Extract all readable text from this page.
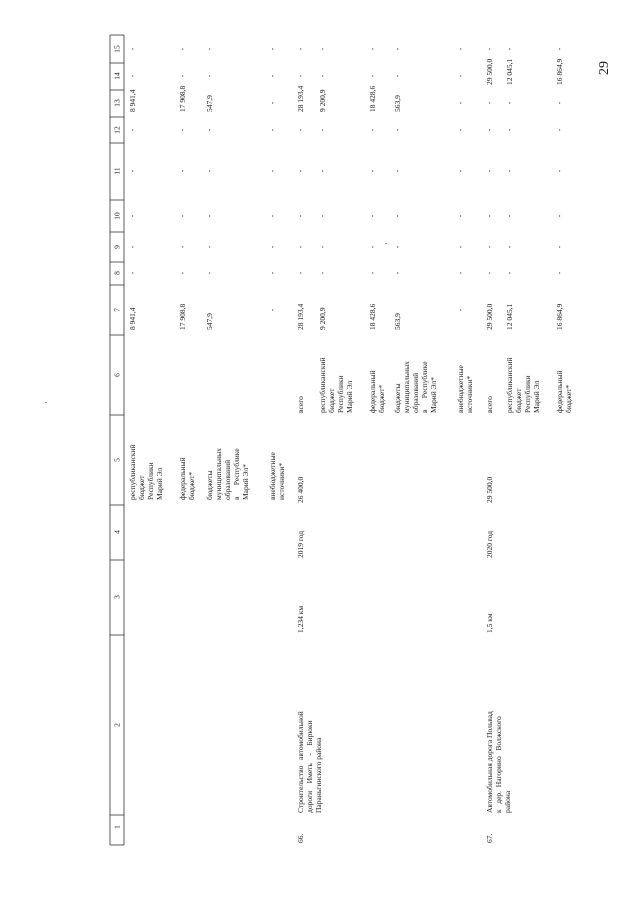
29
1
2
3
4
5
6
7
8
9
10
11
12
13
14
15
республиканский
бюджет
Республики
Марий Эл
8 941,4
8 941,4
федеральный
бюджет*
17 908,8
17 908,8
бюджеты
муниципальных
образований
в      Республике
Марий Эл*
547,9
547,9
внебюджетные
источники*
66.
Строительство   автомобильной
дороги    Иметь    -    Бирюки
Параньгинского района
1,234 км
2019 год
26 400,0
всего
28 193,4
28 193,4
республиканский
бюджет
Республики
Марий Эл
9 200,9
9 200,9
федеральный
бюджет*
18 428,6
18 428,6
бюджеты
муниципальных
образований
в      Республике
Марий Эл*
563,9
563,9
внебюджетные
источники*
67.
Автомобильная дорога Польвад
к   дер.  Нагорино   Волжского
района
1,5 км
2020 год
29 500,0
всего
29 500,0
29 500,0
республиканский
бюджет
Республики
Марий Эл
12 045,1
12 045,1
федеральный
бюджет*
16 864,9
16 864,9
-
-
-
-
-
-
-
-
-
-
-
-
-
-
-
-
-
-
-
-
-
-
-
-
-
-
-
-
-
-
-
-
-
-
-
-
-
-
-
-
-
-
-
-
-
-
-
-
-
-
-
-
-
-
-
-
-
-
-
-
-
-
-
-
-
-
-
-
-
-
-
-
-
-
-
-
-
-
-
-
-
-
-
-
-
-
-
-
